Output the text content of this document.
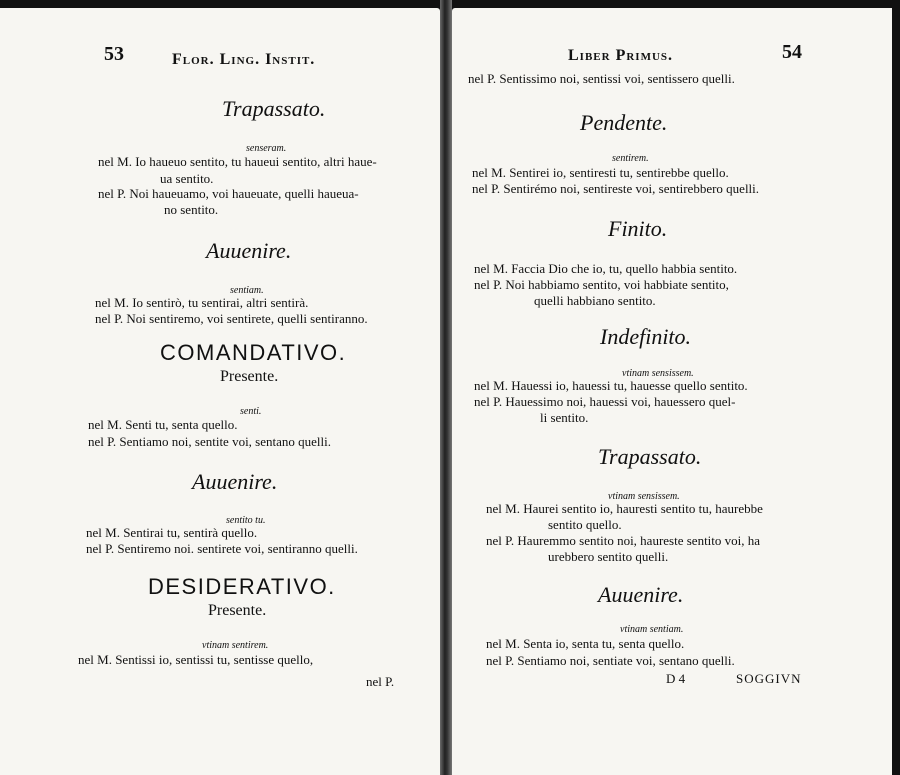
53	Flor. Ling. Instit.
Trapassato.
senseram.
nel M. Io haueuo sentito, tu haueui sentito, altri haue-
ua sentito.
nel P. Noi haueuamo, voi haueuate, quelli haueua-
no sentito.
Auuenire.
sentiam.
nel M. Io sentirò, tu sentirai, altri sentirà.
nel P. Noi sentiremo, voi sentirete, quelli sentiranno.
COMANDATIVO.
Presente.
senti.
nel M. Senti tu, senta quello.
nel P. Sentiamo noi, sentite voi, sentano quelli.
Auuenire.
sentito tu.
nel M. Sentirai tu, sentirà quello.
nel P. Sentiremo noi. sentirete voi, sentiranno quelli.
DESIDERATIVO.
Presente.
vtinam sentirem.
nel M. Sentissi io, sentissi tu, sentisse quello,
nel P.
Liber Primus.	54
nel P. Sentissimo noi, sentissi voi, sentissero quelli.
Pendente.
sentirem.
nel M. Sentirei io, sentiresti tu, sentirebbe quello.
nel P. Sentirémo noi, sentireste voi, sentirebbero quelli.
Finito.
nel M. Faccia Dio che io, tu, quello habbia sentito.
nel P. Noi habbiamo sentito, voi habbiate sentito,
quelli habbiano sentito.
Indefinito.
vtinam sensissem.
nel M. Hauessi io, hauessi tu, hauesse quello sentito.
nel P. Hauessimo noi, hauessi voi, hauessero quel-
li sentito.
Trapassato.
vtinam sensissem.
nel M. Haurei sentito io, hauresti sentito tu, haurebbe
sentito quello.
nel P. Hauremmo sentito noi, haureste sentito voi, ha
urebbero sentito quelli.
Auuenire.
vtinam sentiam.
nel M. Senta io, senta tu, senta quello.
nel P. Sentiamo noi, sentiate voi, sentano quelli.
D 4	SOGGIVN
